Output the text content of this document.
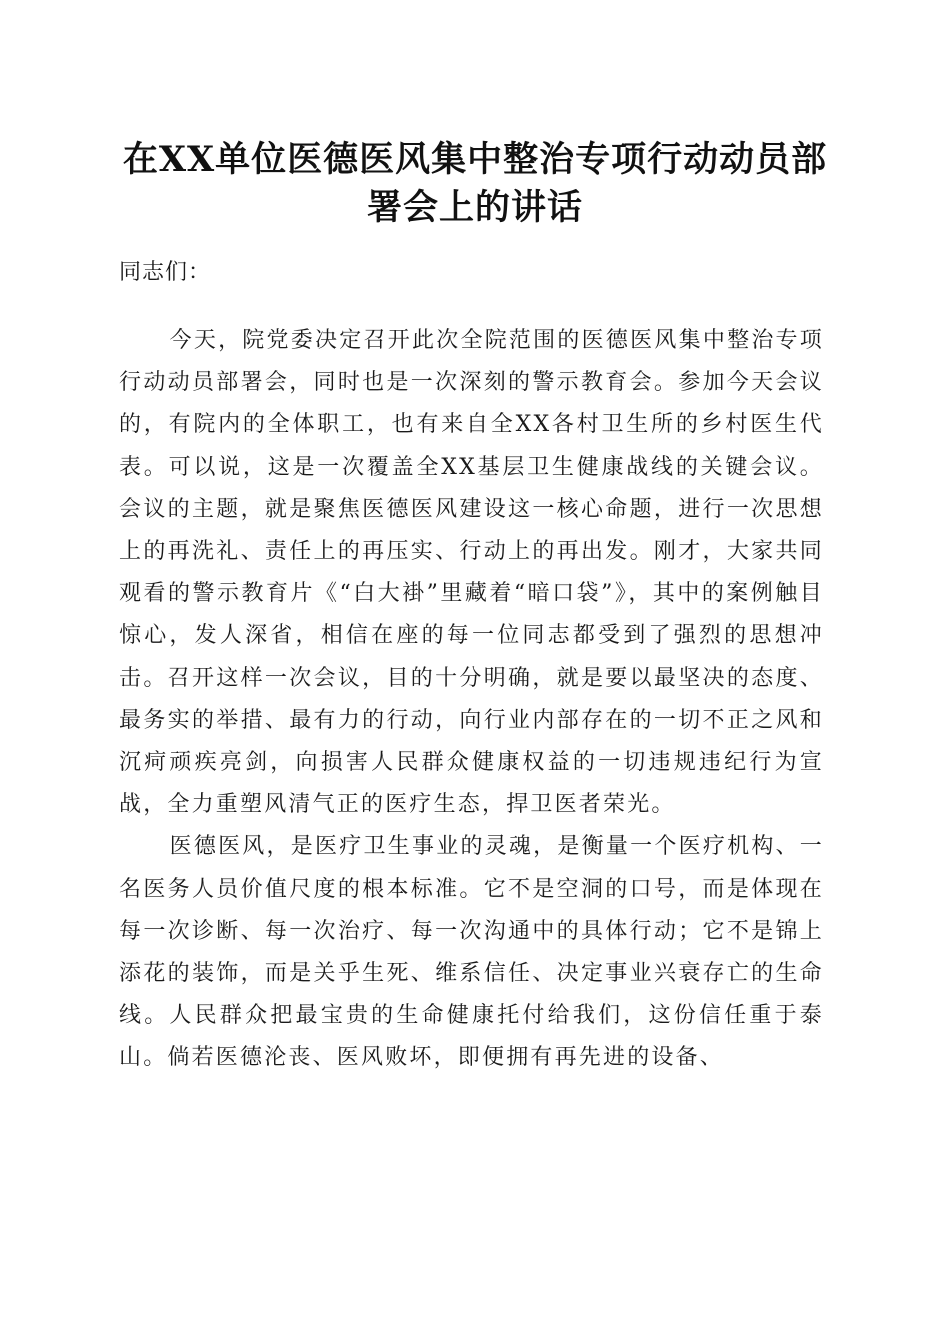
在XX单位医德医风集中整治专项行动动员部署会上的讲话
同志们：

今天，院党委决定召开此次全院范围的医德医风集中整治专项行动动员部署会，同时也是一次深刻的警示教育会。参加今天会议的，有院内的全体职工，也有来自全XX各村卫生所的乡村医生代表。可以说，这是一次覆盖全XX基层卫生健康战线的关键会议。会议的主题，就是聚焦医德医风建设这一核心命题，进行一次思想上的再洗礼、责任上的再压实、行动上的再出发。刚才，大家共同观看的警示教育片《“白大褂”里藏着“暗口袋”》，其中的案例触目惊心，发人深省，相信在座的每一位同志都受到了强烈的思想冲击。召开这样一次会议，目的十分明确，就是要以最坚决的态度、最务实的举措、最有力的行动，向行业内部存在的一切不正之风和沉疴顽疾亮剑，向损害人民群众健康权益的一切违规违纪行为宣战，全力重塑风清气正的医疗生态，捍卫医者荣光。

医德医风，是医疗卫生事业的灵魂，是衡量一个医疗机构、一名医务人员价值尺度的根本标准。它不是空洞的口号，而是体现在每一次诊断、每一次治疗、每一次沟通中的具体行动；它不是锦上添花的装饰，而是关乎生死、维系信任、决定事业兴衰存亡的生命线。人民群众把最宝贵的生命健康托付给我们，这份信任重于泰山。倘若医德沦丧、医风败坏，即便拥有再先进的设备、
